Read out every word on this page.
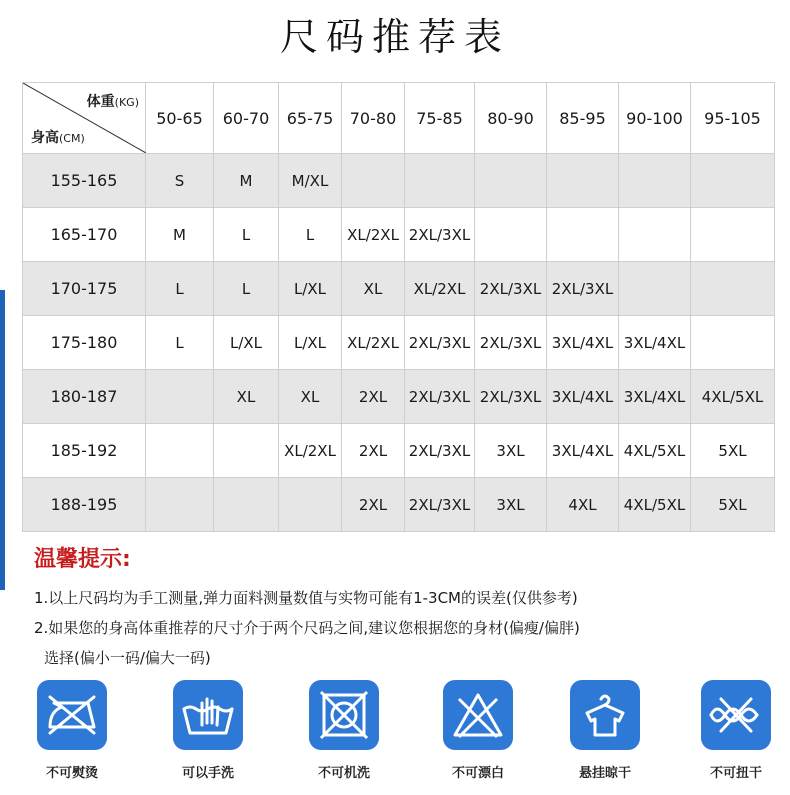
尺码推荐表
体重(KG)
身高(CM)	50-65	60-70	65-75	70-80	75-85	80-90	85-95	90-100	95-105
155-165	S	M	M/XL						
165-170	M	L	L	XL/2XL	2XL/3XL				
170-175	L	L	L/XL	XL	XL/2XL	2XL/3XL	2XL/3XL		
175-180	L	L/XL	L/XL	XL/2XL	2XL/3XL	2XL/3XL	3XL/4XL	3XL/4XL	
180-187		XL	XL	2XL	2XL/3XL	2XL/3XL	3XL/4XL	3XL/4XL	4XL/5XL
185-192			XL/2XL	2XL	2XL/3XL	3XL	3XL/4XL	4XL/5XL	5XL
188-195				2XL	2XL/3XL	3XL	4XL	4XL/5XL	5XL
温馨提示:
1.以上尺码均为手工测量,弹力面料测量数值与实物可能有1-3CM的误差(仅供参考)
2.如果您的身高体重推荐的尺寸介于两个尺码之间,建议您根据您的身材(偏瘦/偏胖)
选择(偏小一码/偏大一码)
不可熨烫	可以手洗	不可机洗	不可漂白	悬挂晾干	不可扭干
